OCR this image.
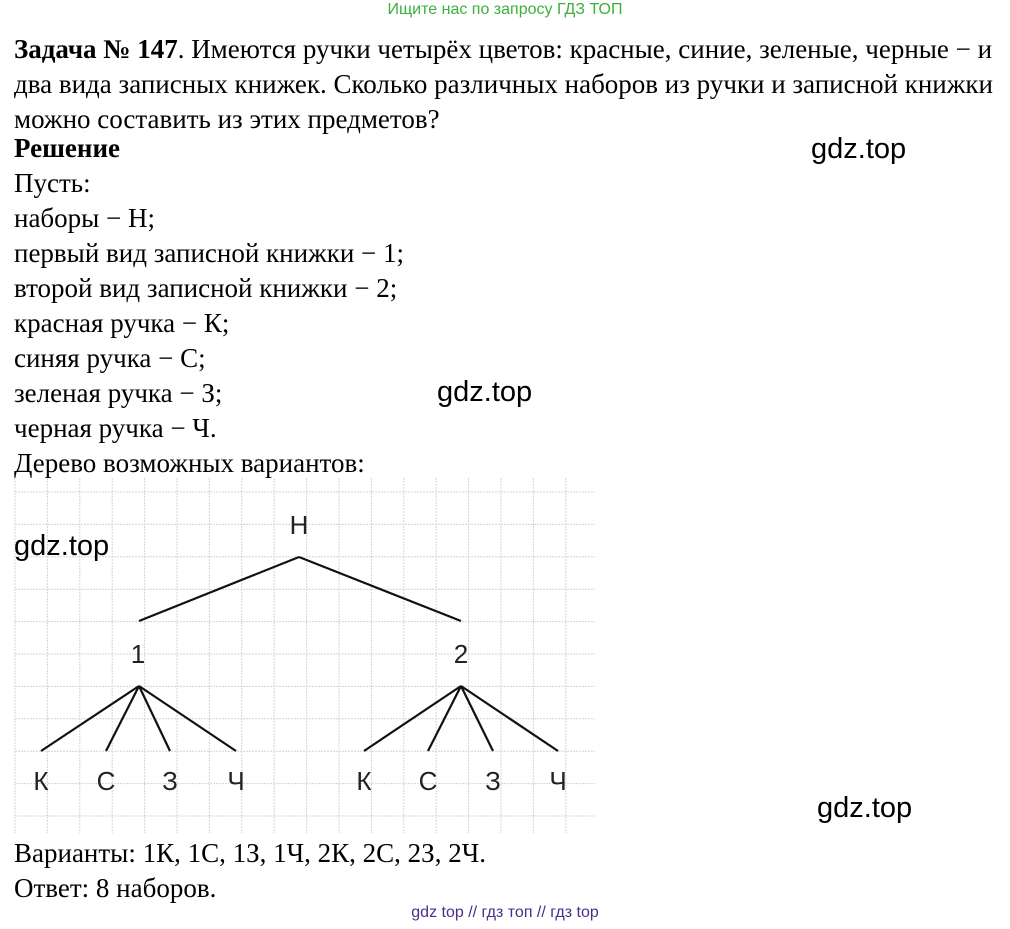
Ищите нас по запросу ГДЗ ТОП
Задача № 147. Имеются ручки четырёх цветов: красные, синие, зеленые, черные − и два вида записных книжек. Сколько различных наборов из ручки и записной книжки можно составить из этих предметов?
Решение
Пусть:
наборы − Н;
первый вид записной книжки − 1;
второй вид записной книжки − 2;
красная ручка − К;
синяя ручка − С;
зеленая ручка − З;
черная ручка − Ч.
Дерево возможных вариантов:
Н
1
К С З Ч
2
К С З Ч
Варианты: 1К, 1С, 1З, 1Ч, 2К, 2С, 2З, 2Ч.
Ответ: 8 наборов.
gdz.top
gdz.top
gdz.top
gdz.top
gdz top // гдз топ // гдз top
